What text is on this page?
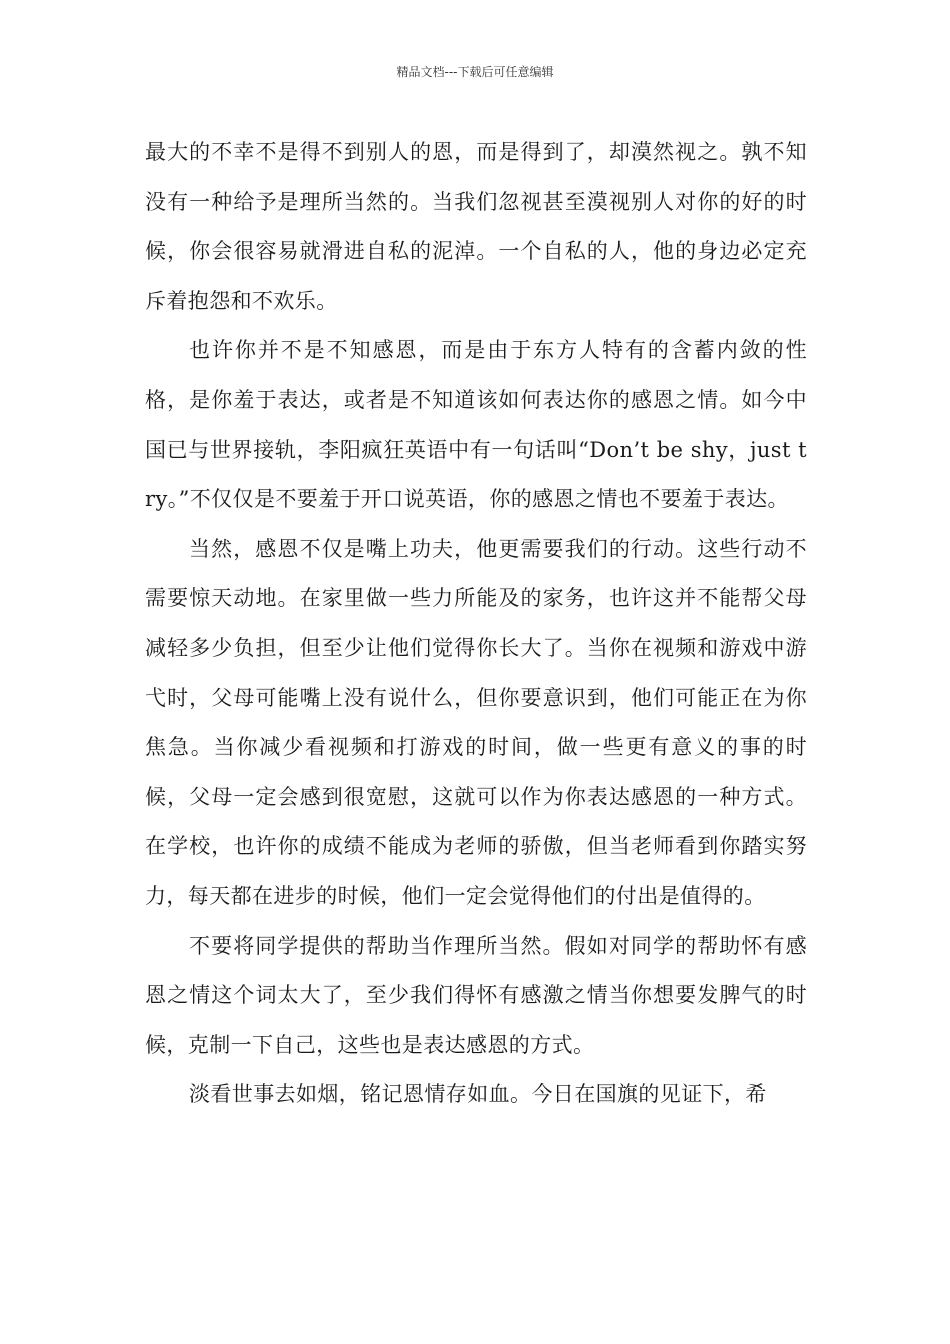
精品文档---下载后可任意编辑

最大的不幸不是得不到别人的恩，而是得到了，却漠然视之。孰不知没有一种给予是理所当然的。当我们忽视甚至漠视别人对你的好的时候，你会很容易就滑进自私的泥淖。一个自私的人，他的身边必定充斥着抱怨和不欢乐。

也许你并不是不知感恩，而是由于东方人特有的含蓄内敛的性格，是你羞于表达，或者是不知道该如何表达你的感恩之情。如今中国已与世界接轨，李阳疯狂英语中有一句话叫“Don’t be shy，just try。”不仅仅是不要羞于开口说英语，你的感恩之情也不要羞于表达。

当然，感恩不仅是嘴上功夫，他更需要我们的行动。这些行动不需要惊天动地。在家里做一些力所能及的家务，也许这并不能帮父母减轻多少负担，但至少让他们觉得你长大了。当你在视频和游戏中游弋时，父母可能嘴上没有说什么，但你要意识到，他们可能正在为你焦急。当你减少看视频和打游戏的时间，做一些更有意义的事的时候，父母一定会感到很宽慰，这就可以作为你表达感恩的一种方式。在学校，也许你的成绩不能成为老师的骄傲，但当老师看到你踏实努力，每天都在进步的时候，他们一定会觉得他们的付出是值得的。

不要将同学提供的帮助当作理所当然。假如对同学的帮助怀有感恩之情这个词太大了，至少我们得怀有感激之情当你想要发脾气的时候，克制一下自己，这些也是表达感恩的方式。

淡看世事去如烟，铭记恩情存如血。今日在国旗的见证下，希
